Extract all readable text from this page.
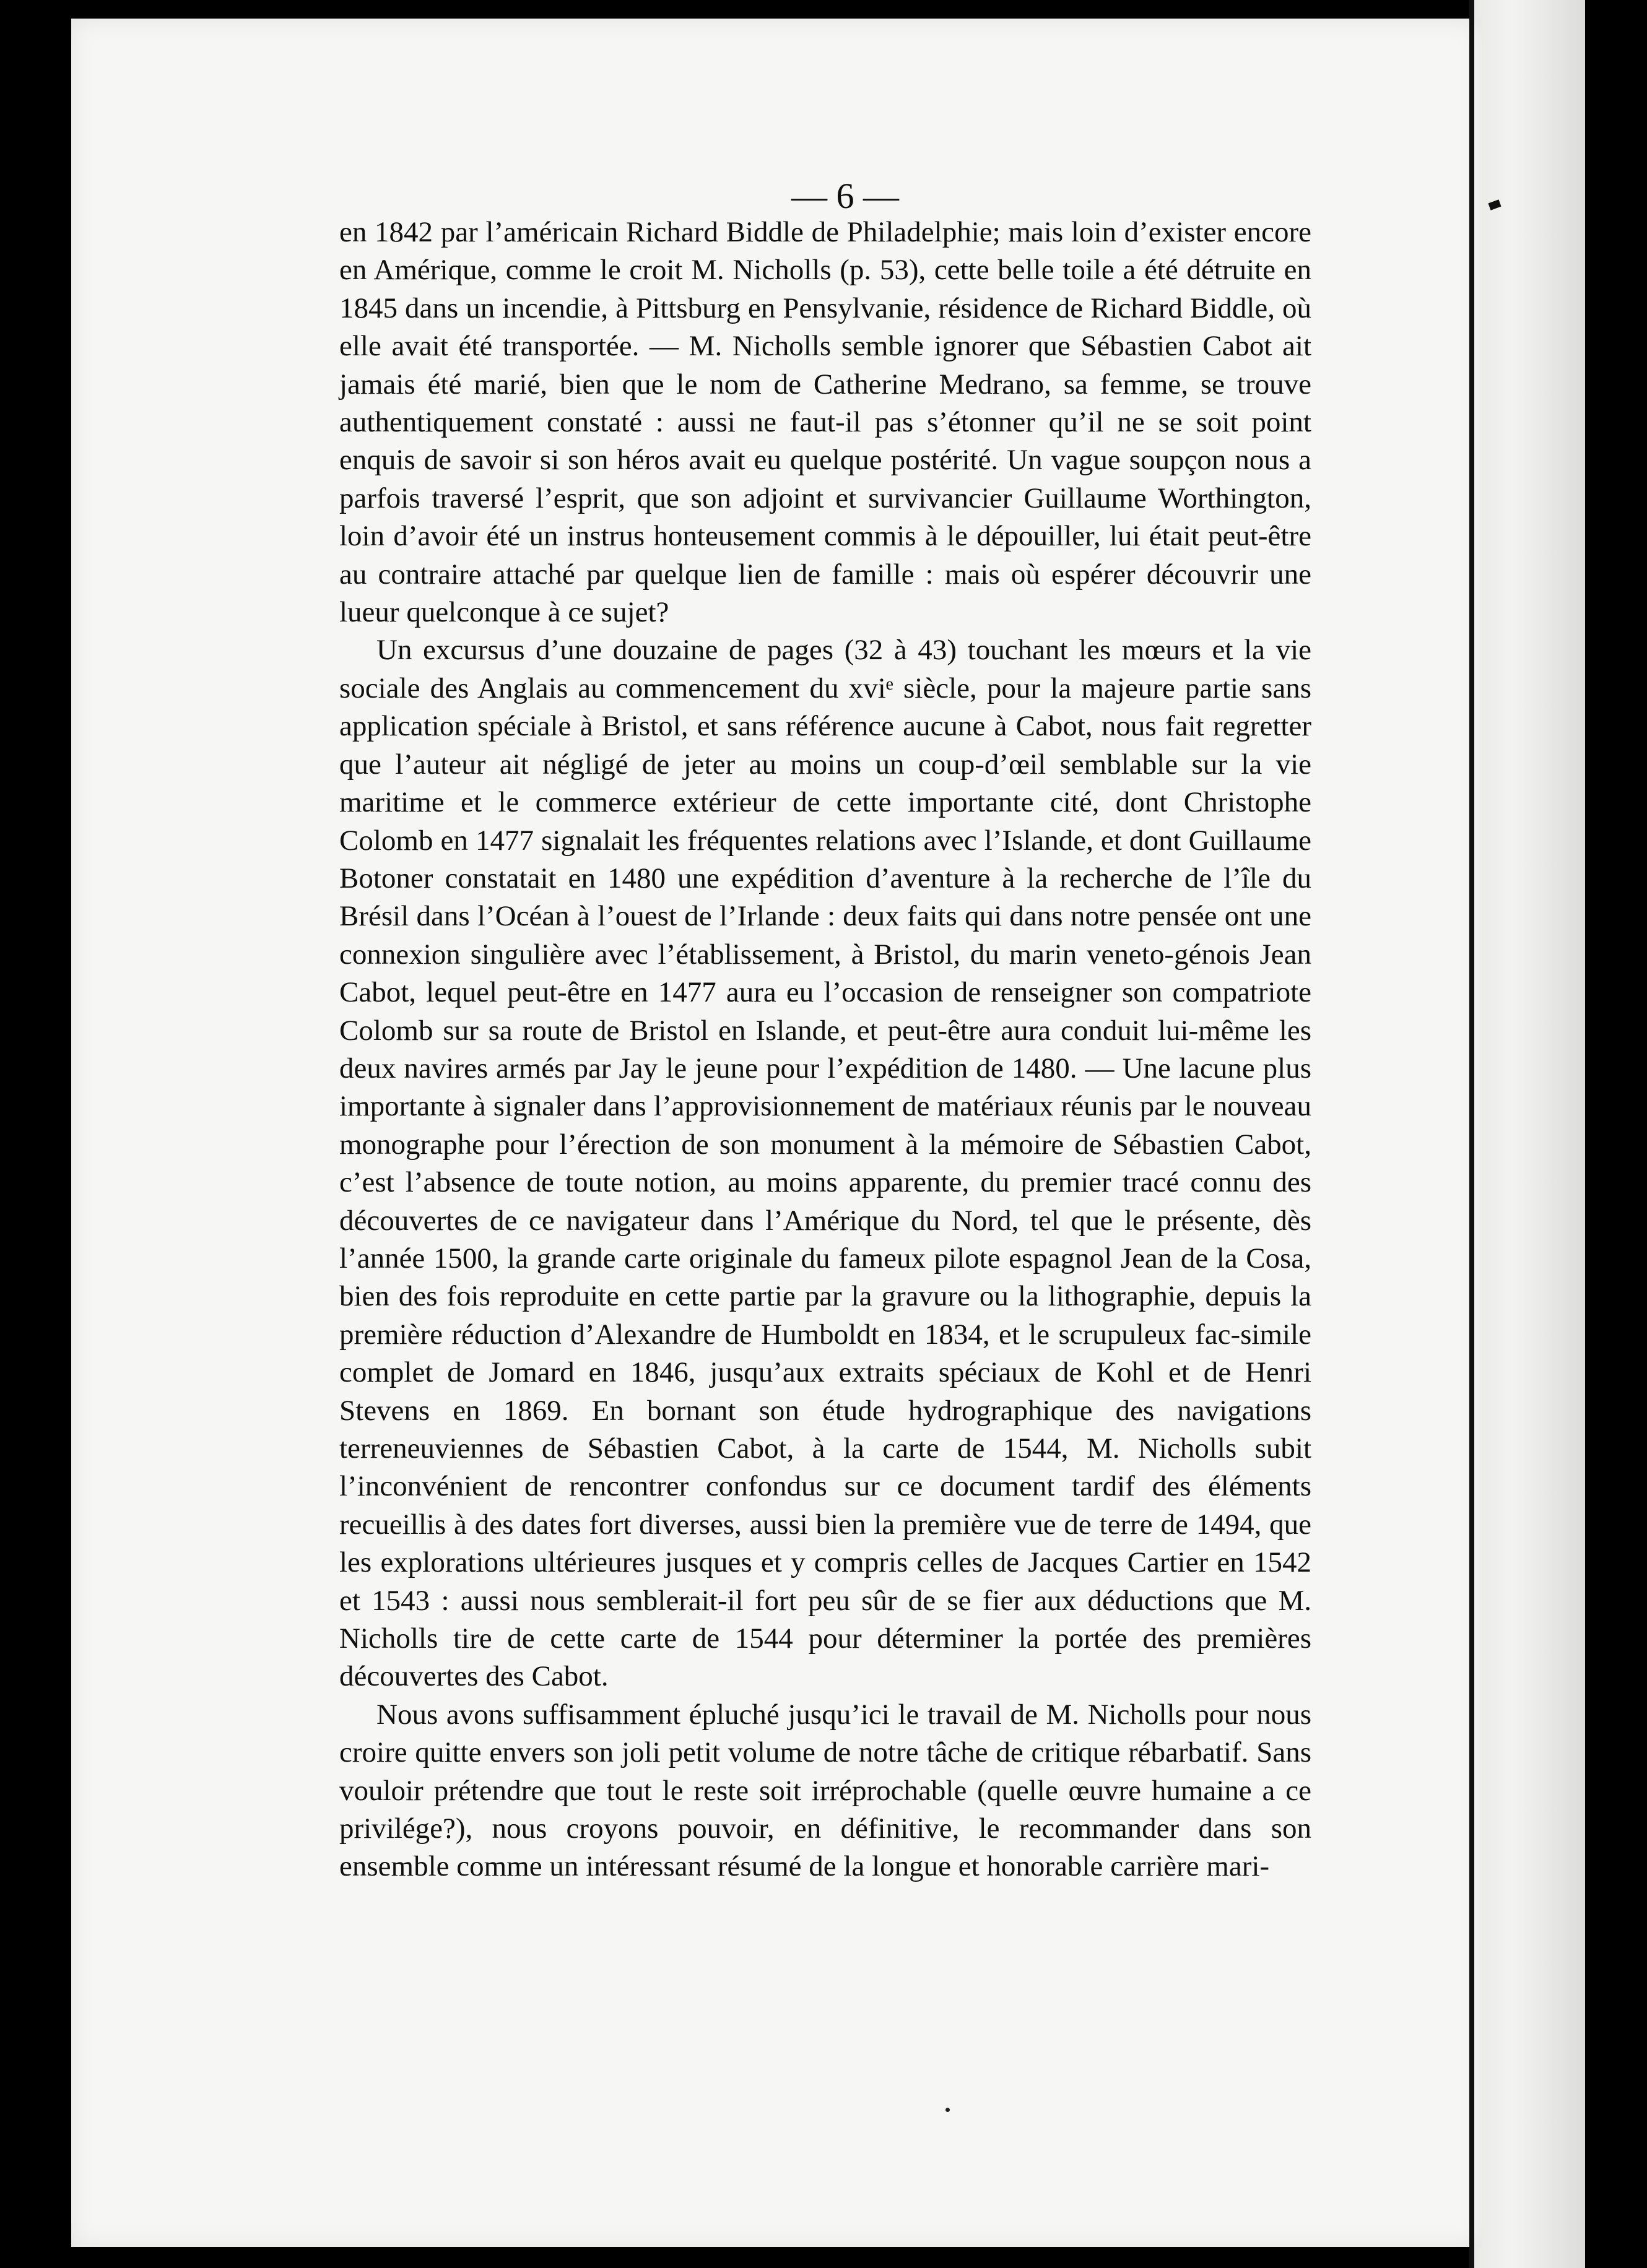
— 6 —

en 1842 par l’américain Richard Biddle de Philadelphie; mais loin d’exister encore en Amérique, comme le croit M. Nicholls (p. 53), cette belle toile a été détruite en 1845 dans un incendie, à Pittsburg en Pensylvanie, résidence de Richard Biddle, où elle avait été transportée. — M. Nicholls semble ignorer que Sébastien Cabot ait jamais été marié, bien que le nom de Catherine Medrano, sa femme, se trouve authentiquement constaté : aussi ne faut-il pas s’étonner qu’il ne se soit point enquis de savoir si son héros avait eu quelque postérité. Un vague soupçon nous a parfois traversé l’esprit, que son adjoint et survivancier Guillaume Worthington, loin d’avoir été un instrus honteusement commis à le dépouiller, lui était peut-être au contraire attaché par quelque lien de famille : mais où espérer découvrir une lueur quelconque à ce sujet?

Un excursus d’une douzaine de pages (32 à 43) touchant les mœurs et la vie sociale des Anglais au commencement du xviᵉ siècle, pour la majeure partie sans application spéciale à Bristol, et sans référence aucune à Cabot, nous fait regretter que l’auteur ait négligé de jeter au moins un coup-d’œil semblable sur la vie maritime et le commerce extérieur de cette importante cité, dont Christophe Colomb en 1477 signalait les fréquentes relations avec l’Islande, et dont Guillaume Botoner constatait en 1480 une expédition d’aventure à la recherche de l’île du Brésil dans l’Océan à l’ouest de l’Irlande : deux faits qui dans notre pensée ont une connexion singulière avec l’établissement, à Bristol, du marin veneto-génois Jean Cabot, lequel peut-être en 1477 aura eu l’occasion de renseigner son compatriote Colomb sur sa route de Bristol en Islande, et peut-être aura conduit lui-même les deux navires armés par Jay le jeune pour l’expédition de 1480. — Une lacune plus importante à signaler dans l’approvisionnement de matériaux réunis par le nouveau monographe pour l’érection de son monument à la mémoire de Sébastien Cabot, c’est l’absence de toute notion, au moins apparente, du premier tracé connu des découvertes de ce navigateur dans l’Amérique du Nord, tel que le présente, dès l’année 1500, la grande carte originale du fameux pilote espagnol Jean de la Cosa, bien des fois reproduite en cette partie par la gravure ou la lithographie, depuis la première réduction d’Alexandre de Humboldt en 1834, et le scrupuleux fac-simile complet de Jomard en 1846, jusqu’aux extraits spéciaux de Kohl et de Henri Stevens en 1869. En bornant son étude hydrographique des navigations terreneuviennes de Sébastien Cabot, à la carte de 1544, M. Nicholls subit l’inconvénient de rencontrer confondus sur ce document tardif des éléments recueillis à des dates fort diverses, aussi bien la première vue de terre de 1494, que les explorations ultérieures jusques et y compris celles de Jacques Cartier en 1542 et 1543 : aussi nous semblerait-il fort peu sûr de se fier aux déductions que M. Nicholls tire de cette carte de 1544 pour déterminer la portée des premières découvertes des Cabot.

Nous avons suffisamment épluché jusqu’ici le travail de M. Nicholls pour nous croire quitte envers son joli petit volume de notre tâche de critique rébarbatif. Sans vouloir prétendre que tout le reste soit irréprochable (quelle œuvre humaine a ce privilége?), nous croyons pouvoir, en définitive, le recommander dans son ensemble comme un intéressant résumé de la longue et honorable carrière mari-
